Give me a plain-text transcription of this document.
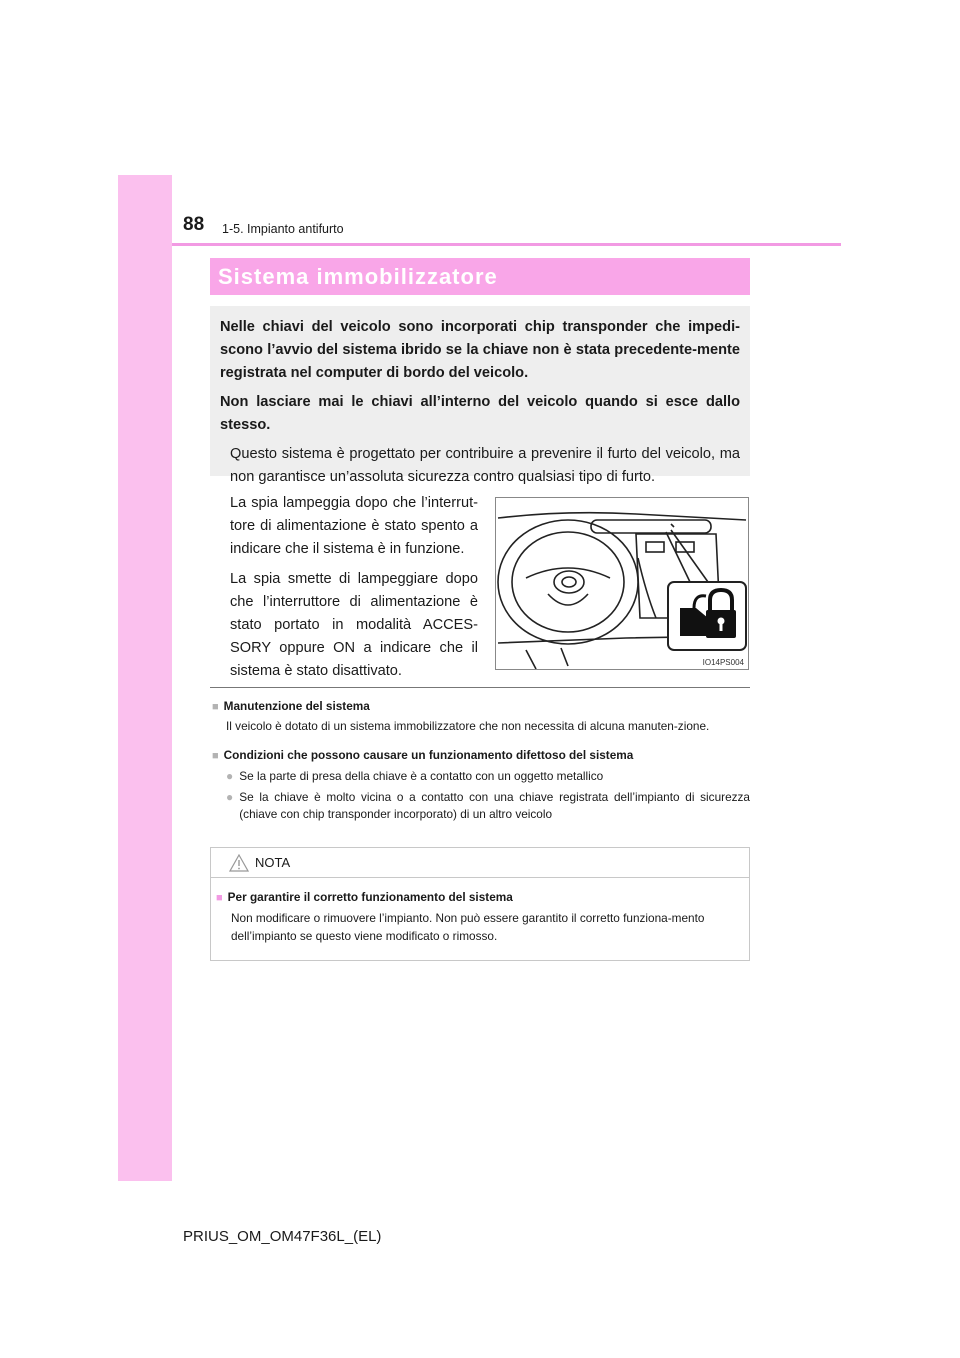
88 1-5. Impianto antifurto
Sistema immobilizzatore

Nelle chiavi del veicolo sono incorporati chip transponder che impedi-scono l’avvio del sistema ibrido se la chiave non è stata precedente-mente registrata nel computer di bordo del veicolo.

Non lasciare mai le chiavi all’interno del veicolo quando si esce dallo stesso.

Questo sistema è progettato per contribuire a prevenire il furto del veicolo, ma non garantisce un’assoluta sicurezza contro qualsiasi tipo di furto.

La spia lampeggia dopo che l’interrut-tore di alimentazione è stato spento a indicare che il sistema è in funzione.

La spia smette di lampeggiare dopo che l’interruttore di alimentazione è stato portato in modalità ACCES-SORY oppure ON a indicare che il sistema è stato disattivato.

IO14PS004

■ Manutenzione del sistema

Il veicolo è dotato di un sistema immobilizzatore che non necessita di alcuna manuten-zione.

■ Condizioni che possono causare un funzionamento difettoso del sistema

● Se la parte di presa della chiave è a contatto con un oggetto metallico
● Se la chiave è molto vicina o a contatto con una chiave registrata dell’impianto di sicurezza (chiave con chip transponder incorporato) di un altro veicolo
NOTA

■ Per garantire il corretto funzionamento del sistema

Non modificare o rimuovere l’impianto. Non può essere garantito il corretto funziona-mento dell’impianto se questo viene modificato o rimosso.

PRIUS_OM_OM47F36L_(EL)
